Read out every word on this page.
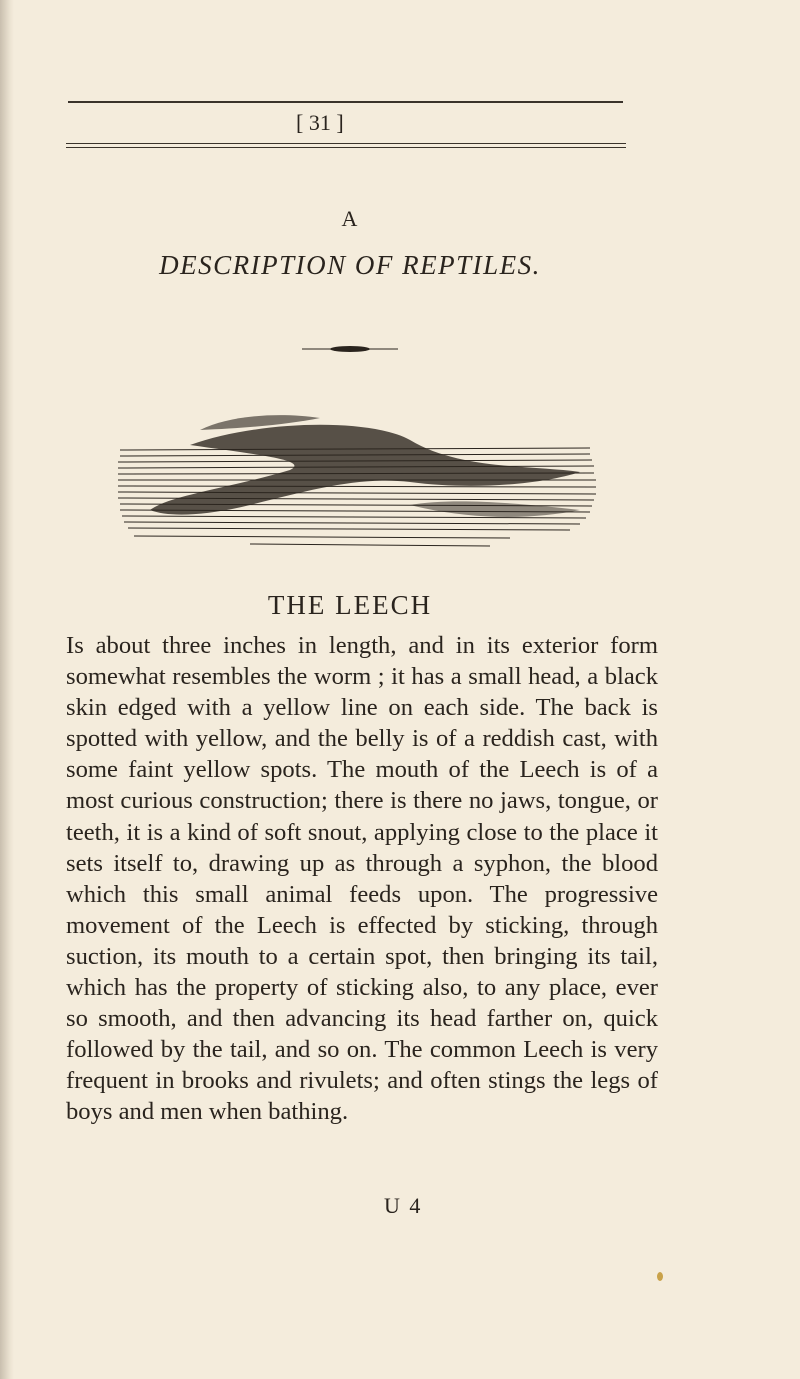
[ 31 ]
A
DESCRIPTION OF REPTILES.
THE LEECH

Is about three inches in length, and in its exterior form somewhat resembles the worm ; it has a small head, a black skin edged with a yellow line on each side. The back is spotted with yellow, and the belly is of a reddish cast, with some faint yellow spots. The mouth of the Leech is of a most curious construction; there is there no jaws, tongue, or teeth, it is a kind of soft snout, applying close to the place it sets itself to, drawing up as through a syphon, the blood which this small animal feeds upon. The progressive movement of the Leech is effected by sticking, through suction, its mouth to a certain spot, then bringing its tail, which has the property of sticking also, to any place, ever so smooth, and then advancing its head farther on, quick followed by the tail, and so on. The common Leech is very frequent in brooks and rivulets; and often stings the legs of boys and men when bathing.

U 4
